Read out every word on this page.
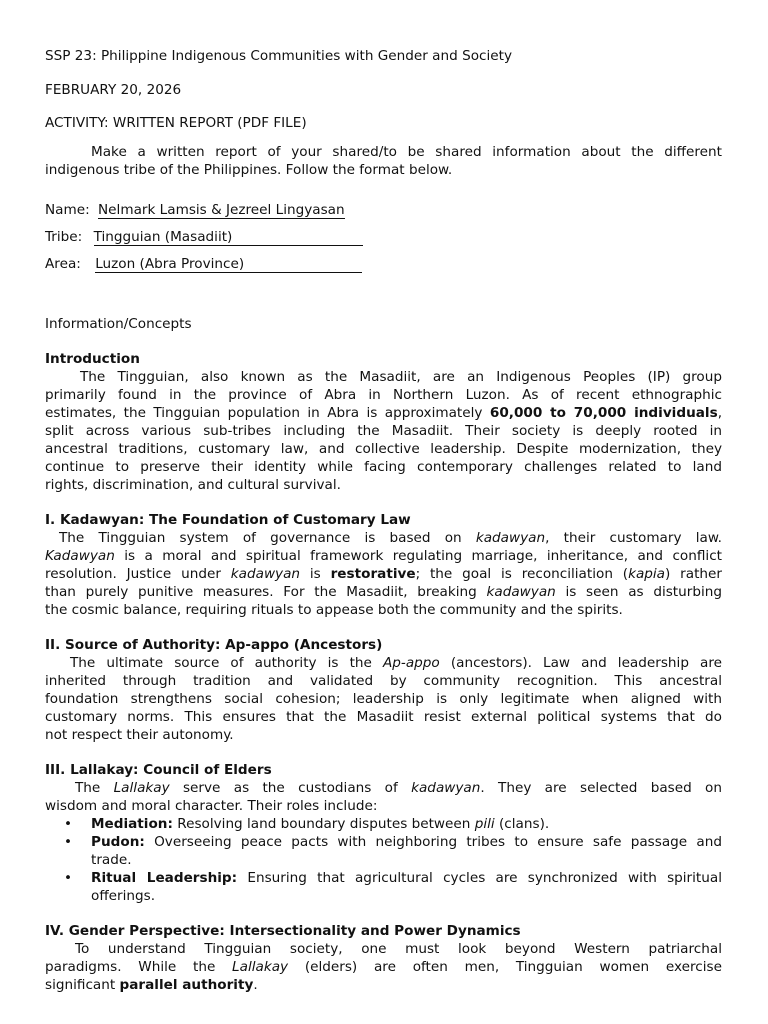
SSP 23: Philippine Indigenous Communities with Gender and Society
FEBRUARY 20, 2026
ACTIVITY: WRITTEN REPORT (PDF FILE)
Make a written report of your shared/to be shared information about the different
indigenous tribe of the Philippines. Follow the format below.
Name: Nelmark Lamsis & Jezreel Lingyasan
Tribe: Tingguian (Masadiit)
Area: Luzon (Abra Province)
Information/Concepts
Introduction
The Tingguian, also known as the Masadiit, are an Indigenous Peoples (IP) group
primarily found in the province of Abra in Northern Luzon. As of recent ethnographic
estimates, the Tingguian population in Abra is approximately 60,000 to 70,000 individuals,
split across various sub-tribes including the Masadiit. Their society is deeply rooted in
ancestral traditions, customary law, and collective leadership. Despite modernization, they
continue to preserve their identity while facing contemporary challenges related to land
rights, discrimination, and cultural survival.
I. Kadawyan: The Foundation of Customary Law
The Tingguian system of governance is based on kadawyan, their customary law.
Kadawyan is a moral and spiritual framework regulating marriage, inheritance, and conflict
resolution. Justice under kadawyan is restorative; the goal is reconciliation (kapia) rather
than purely punitive measures. For the Masadiit, breaking kadawyan is seen as disturbing
the cosmic balance, requiring rituals to appease both the community and the spirits.
II. Source of Authority: Ap-appo (Ancestors)
The ultimate source of authority is the Ap-appo (ancestors). Law and leadership are
inherited through tradition and validated by community recognition. This ancestral
foundation strengthens social cohesion; leadership is only legitimate when aligned with
customary norms. This ensures that the Masadiit resist external political systems that do
not respect their autonomy.
III. Lallakay: Council of Elders
The Lallakay serve as the custodians of kadawyan. They are selected based on
wisdom and moral character. Their roles include:
• Mediation: Resolving land boundary disputes between pili (clans).
• Pudon: Overseeing peace pacts with neighboring tribes to ensure safe passage and
trade.
• Ritual Leadership: Ensuring that agricultural cycles are synchronized with spiritual
offerings.
IV. Gender Perspective: Intersectionality and Power Dynamics
To understand Tingguian society, one must look beyond Western patriarchal
paradigms. While the Lallakay (elders) are often men, Tingguian women exercise
significant parallel authority.
